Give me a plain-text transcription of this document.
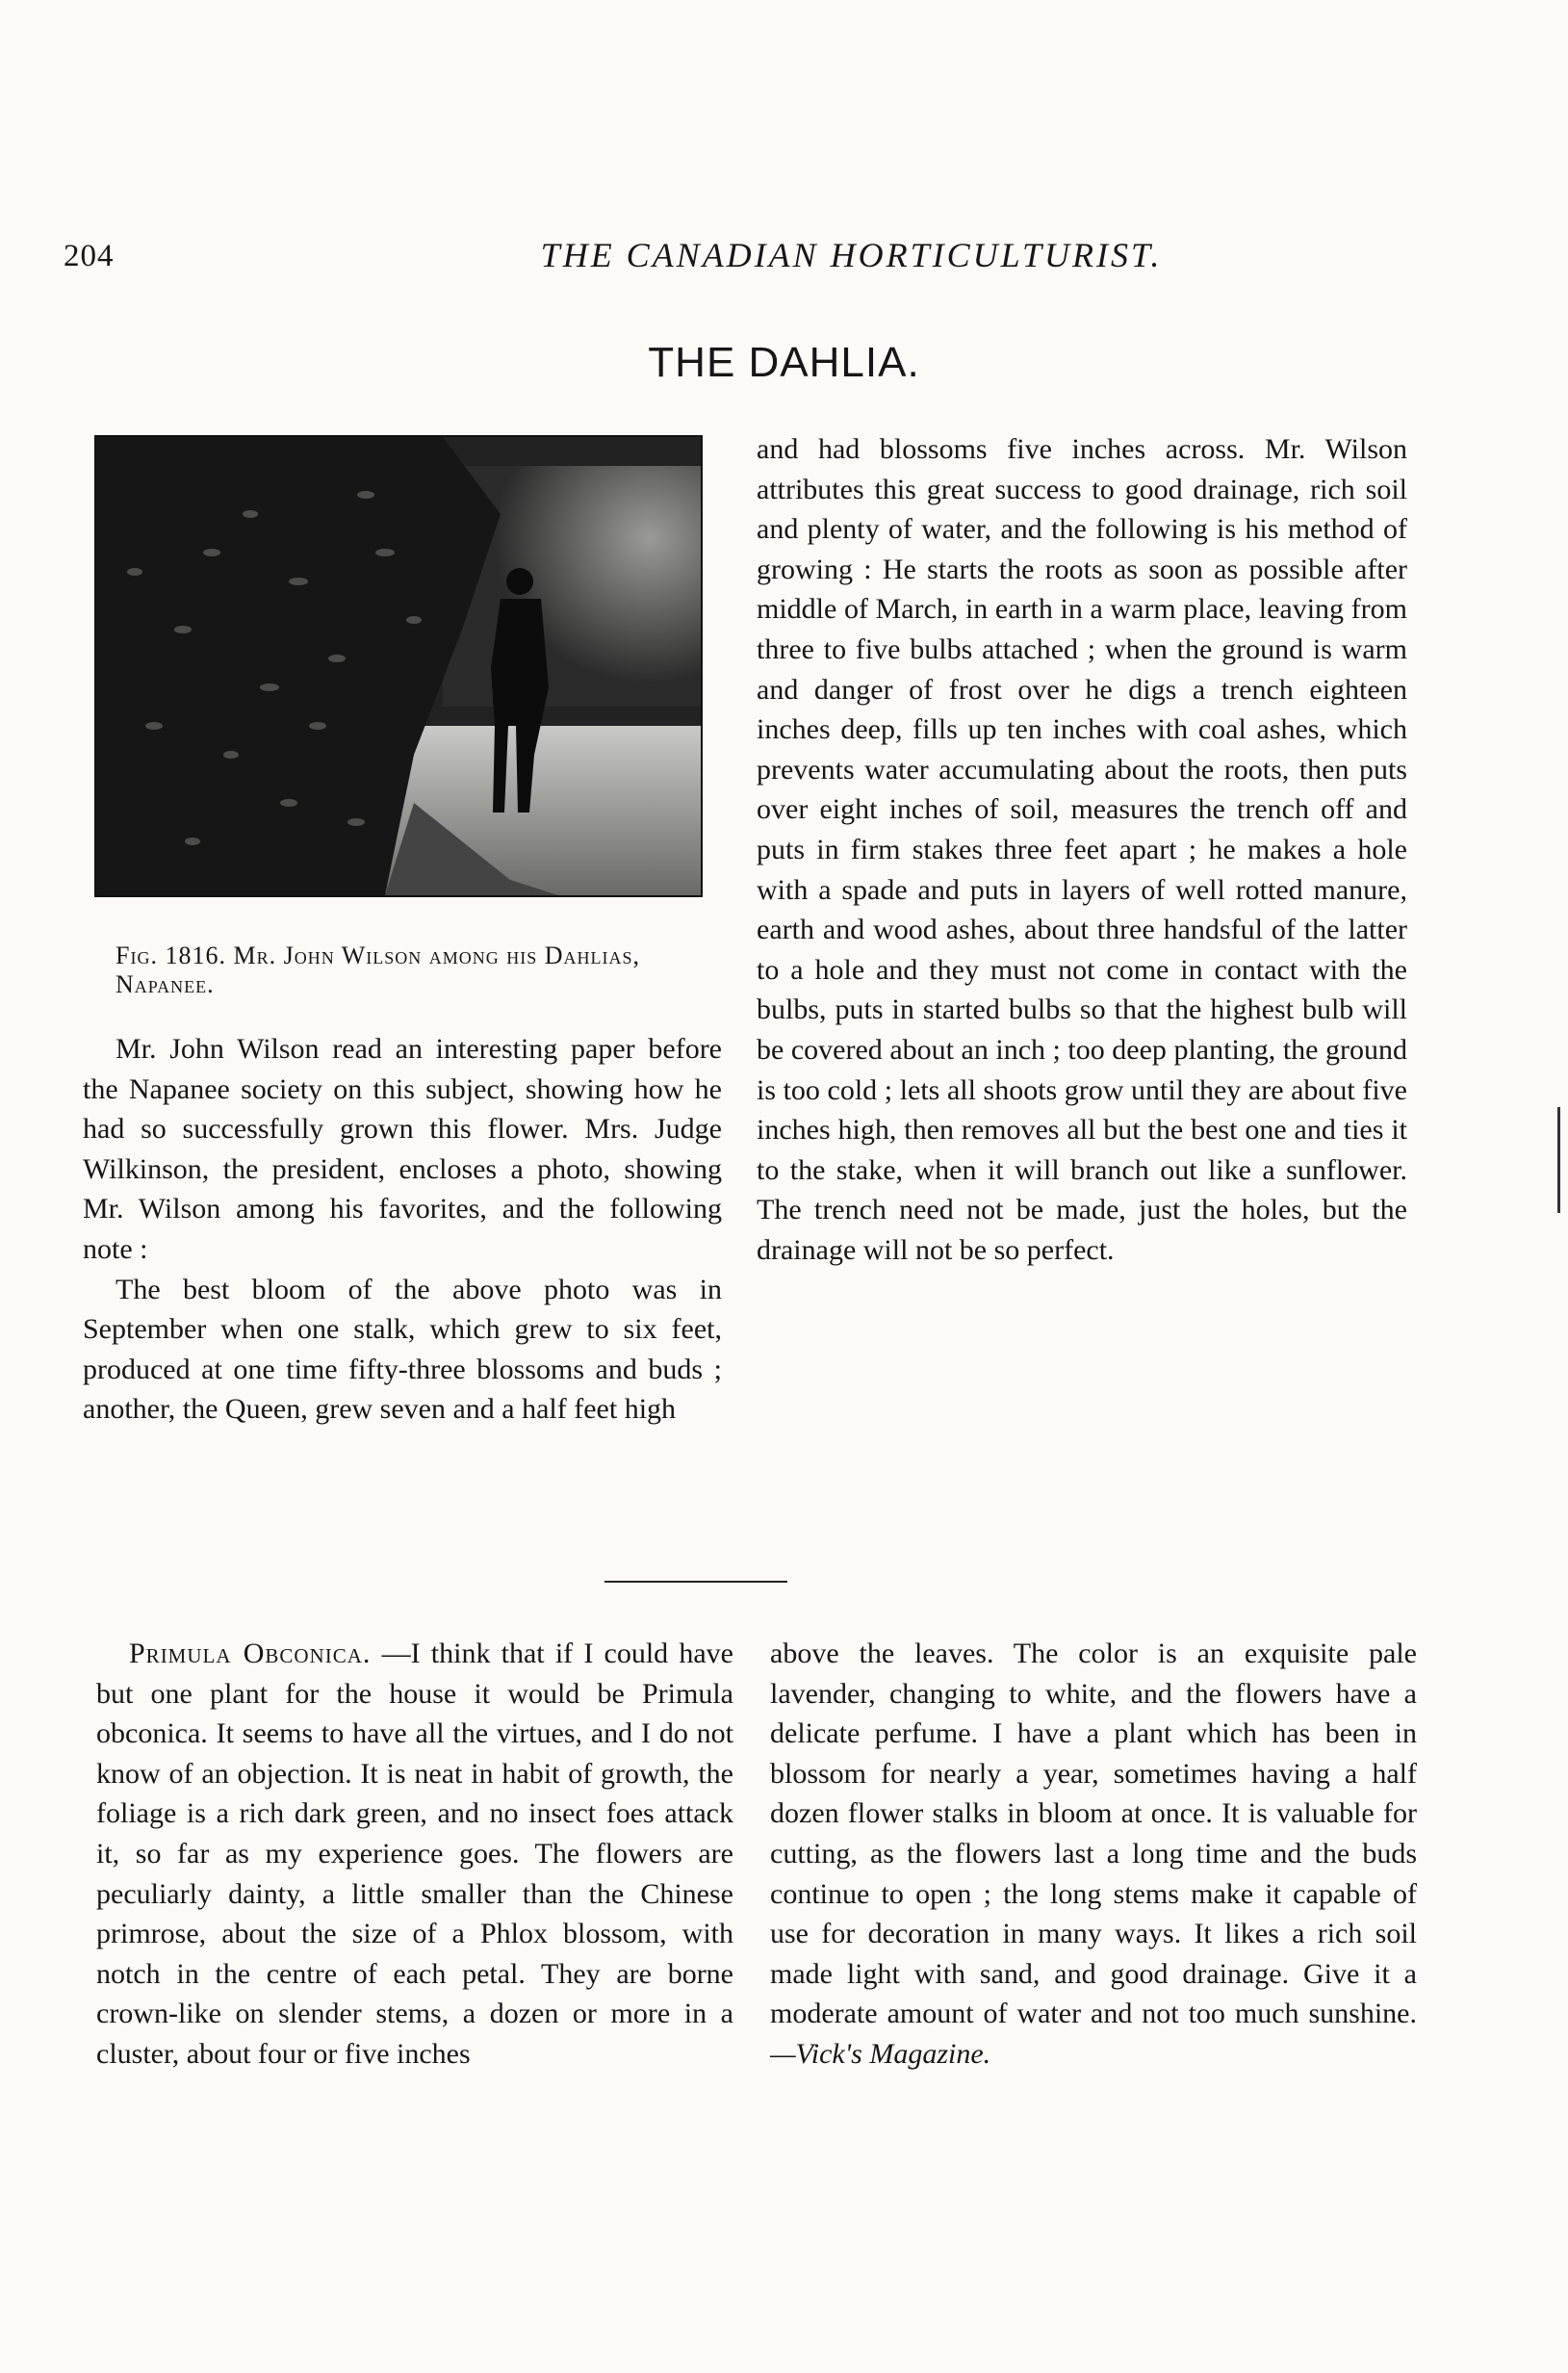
204	THE CANADIAN HORTICULTURIST.
THE DAHLIA.
Fig. 1816. Mr. John Wilson among his Dahlias, Napanee.

Mr. John Wilson read an interesting paper before the Napanee society on this subject, showing how he had so successfully grown this flower. Mrs. Judge Wilkinson, the president, encloses a photo, showing Mr. Wilson among his favorites, and the following note :

The best bloom of the above photo was in September when one stalk, which grew to six feet, produced at one time fifty-three blossoms and buds ; another, the Queen, grew seven and a half feet high

and had blossoms five inches across. Mr. Wilson attributes this great success to good drainage, rich soil and plenty of water, and the following is his method of growing : He starts the roots as soon as possible after middle of March, in earth in a warm place, leaving from three to five bulbs attached ; when the ground is warm and danger of frost over he digs a trench eighteen inches deep, fills up ten inches with coal ashes, which prevents water accumulating about the roots, then puts over eight inches of soil, measures the trench off and puts in firm stakes three feet apart ; he makes a hole with a spade and puts in layers of well rotted manure, earth and wood ashes, about three handsful of the latter to a hole and they must not come in contact with the bulbs, puts in started bulbs so that the highest bulb will be covered about an inch ; too deep planting, the ground is too cold ; lets all shoots grow until they are about five inches high, then removes all but the best one and ties it to the stake, when it will branch out like a sunflower. The trench need not be made, just the holes, but the drainage will not be so perfect.

Primula Obconica. —I think that if I could have but one plant for the house it would be Primula obconica. It seems to have all the virtues, and I do not know of an objection. It is neat in habit of growth, the foliage is a rich dark green, and no insect foes attack it, so far as my experience goes. The flowers are peculiarly dainty, a little smaller than the Chinese primrose, about the size of a Phlox blossom, with notch in the centre of each petal. They are borne crown-like on slender stems, a dozen or more in a cluster, about four or five inches

above the leaves. The color is an exquisite pale lavender, changing to white, and the flowers have a delicate perfume. I have a plant which has been in blossom for nearly a year, sometimes having a half dozen flower stalks in bloom at once. It is valuable for cutting, as the flowers last a long time and the buds continue to open ; the long stems make it capable of use for decoration in many ways. It likes a rich soil made light with sand, and good drainage. Give it a moderate amount of water and not too much sunshine.—Vick's Magazine.
